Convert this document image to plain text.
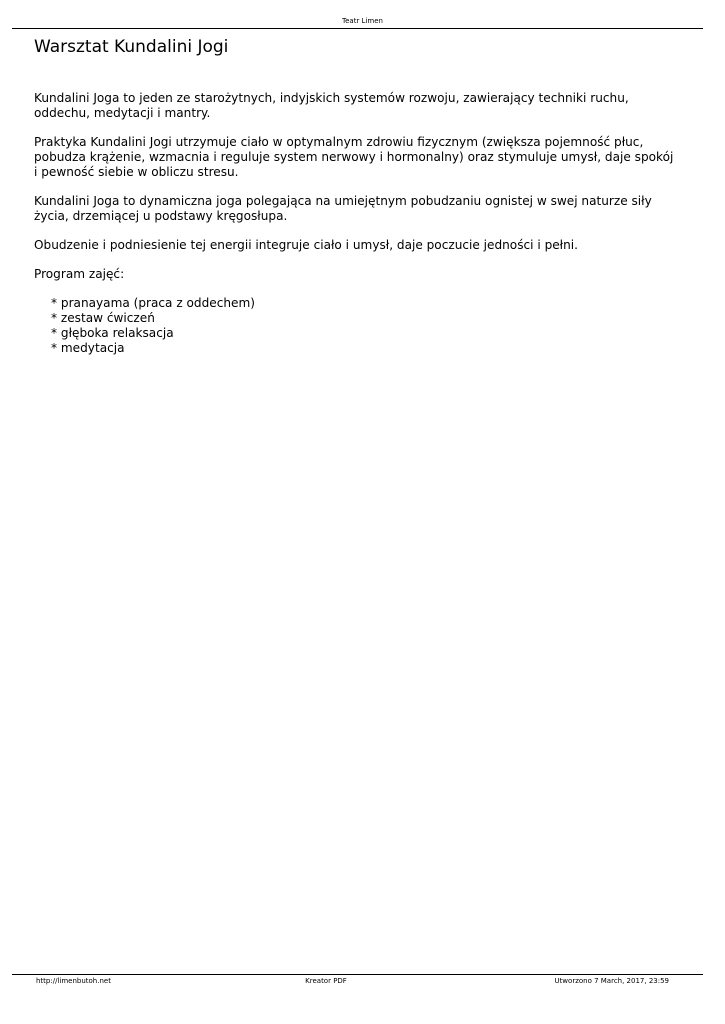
Teatr Limen
Warsztat Kundalini Jogi

Kundalini Joga to jeden ze starożytnych, indyjskich systemów rozwoju, zawierający techniki ruchu, oddechu, medytacji i mantry.

Praktyka Kundalini Jogi utrzymuje ciało w optymalnym zdrowiu fizycznym (zwiększa pojemność płuc, pobudza krążenie, wzmacnia i reguluje system nerwowy i hormonalny) oraz stymuluje umysł, daje spokój i pewność siebie w obliczu stresu.

Kundalini Joga to dynamiczna joga polegająca na umiejętnym pobudzaniu ognistej w swej naturze siły życia, drzemiącej u podstawy kręgosłupa.

Obudzenie i podniesienie tej energii integruje ciało i umysł, daje poczucie jedności i pełni.

Program zajęć:

* pranayama (praca z oddechem)
* zestaw ćwiczeń
* głęboka relaksacja
* medytacja
http://limenbutoh.net	Kreator PDF	Utworzono 7 March, 2017, 23:59
